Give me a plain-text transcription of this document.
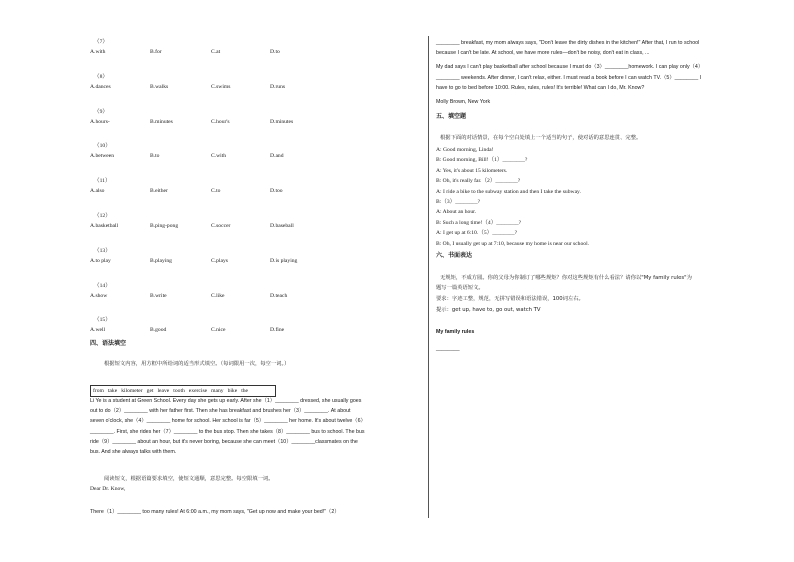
（7）
A.with	B.for	C.at	D.to
（8）
A.dances	B.walks	C.swims	D.runs
（9）
A.hours-	B.minutes	C.hour's	D.minutes
（10）
A.between	B.to	C.with	D.and
（11）
A.also	B.either	C.to	D.too
（12）
A.basketball	B.ping-pong	C.soccer	D.baseball
（13）
A.to play	B.playing	C.plays	D.is playing
（14）
A.show	B.write	C.like	D.teach
（15）
A.well	B.good	C.nice	D.fine
四、语法填空
根据短文内容，用方框中所给词的适当形式填空。（每词限用一次，每空一词。）
from take kilometer get leave tooth exercise many bike the
Li Ye is a student at Green School. Every day she gets up early. After she（1）________ dressed, she usually goes
out to do（2）________ with her father first. Then she has breakfast and brushes her（3）________. At about
seven o'clock, she（4）________ home for school. Her school is far（5）________ her home. It's about twelve（6）
________. First, she rides her（7）________ to the bus stop. Then she takes（8）________ bus to school. The bus
ride（9）________ about an hour, but it's never boring, because she can meet（10）________classmates on the
bus. And she always talks with them.
阅读短文，根据语篇要求填空，使短文通顺，意思完整。每空限填一词。
Dear Dr. Know,
There（1）________ too many rules! At 6:00 a.m., my mom says, "Get up now and make your bed!"（2）
________ breakfast, my mom always says, "Don't leave the dirty dishes in the kitchen!" After that, I run to school
because I can't be late. At school, we have more rules—don't be noisy, don't eat in class, ...
My dad says I can't play basketball after school because I must do（3）________homework. I can play only（4）
________ weekends. After dinner, I can't relax, either. I must read a book before I can watch TV.（5）________ I
have to go to bed before 10:00. Rules, rules, rules! It's terrible! What can I do, Mr. Know?
Molly Brown, New York
五、填空题
根据下面的对话情景，在每个空白处填上一个适当的句子，使对话的意思连贯、完整。
A: Good morning, Linda!
B: Good morning, Bill!（1）________?
A: Yes, it's about 15 kilometers.
B: Oh, it's really far.（2）________?
A: I ride a bike to the subway station and then I take the subway.
B:（3）________?
A: About an hour.
B: Such a long time!（4）________?
A: I get up at 6:10.（5）________?
B: Oh, I usually get up at 7:10, because my home is near our school.
六、书面表达
无规矩，不成方圆。你的父母为你制订了哪些规矩？你对这些规矩有什么看法？请你以"My family rules"为
题写一篇英语短文。
要求：字迹工整，规范，无拼写错误和语法错误，100词左右。
提示：get up, have to, go out, watch TV
My family rules
________
